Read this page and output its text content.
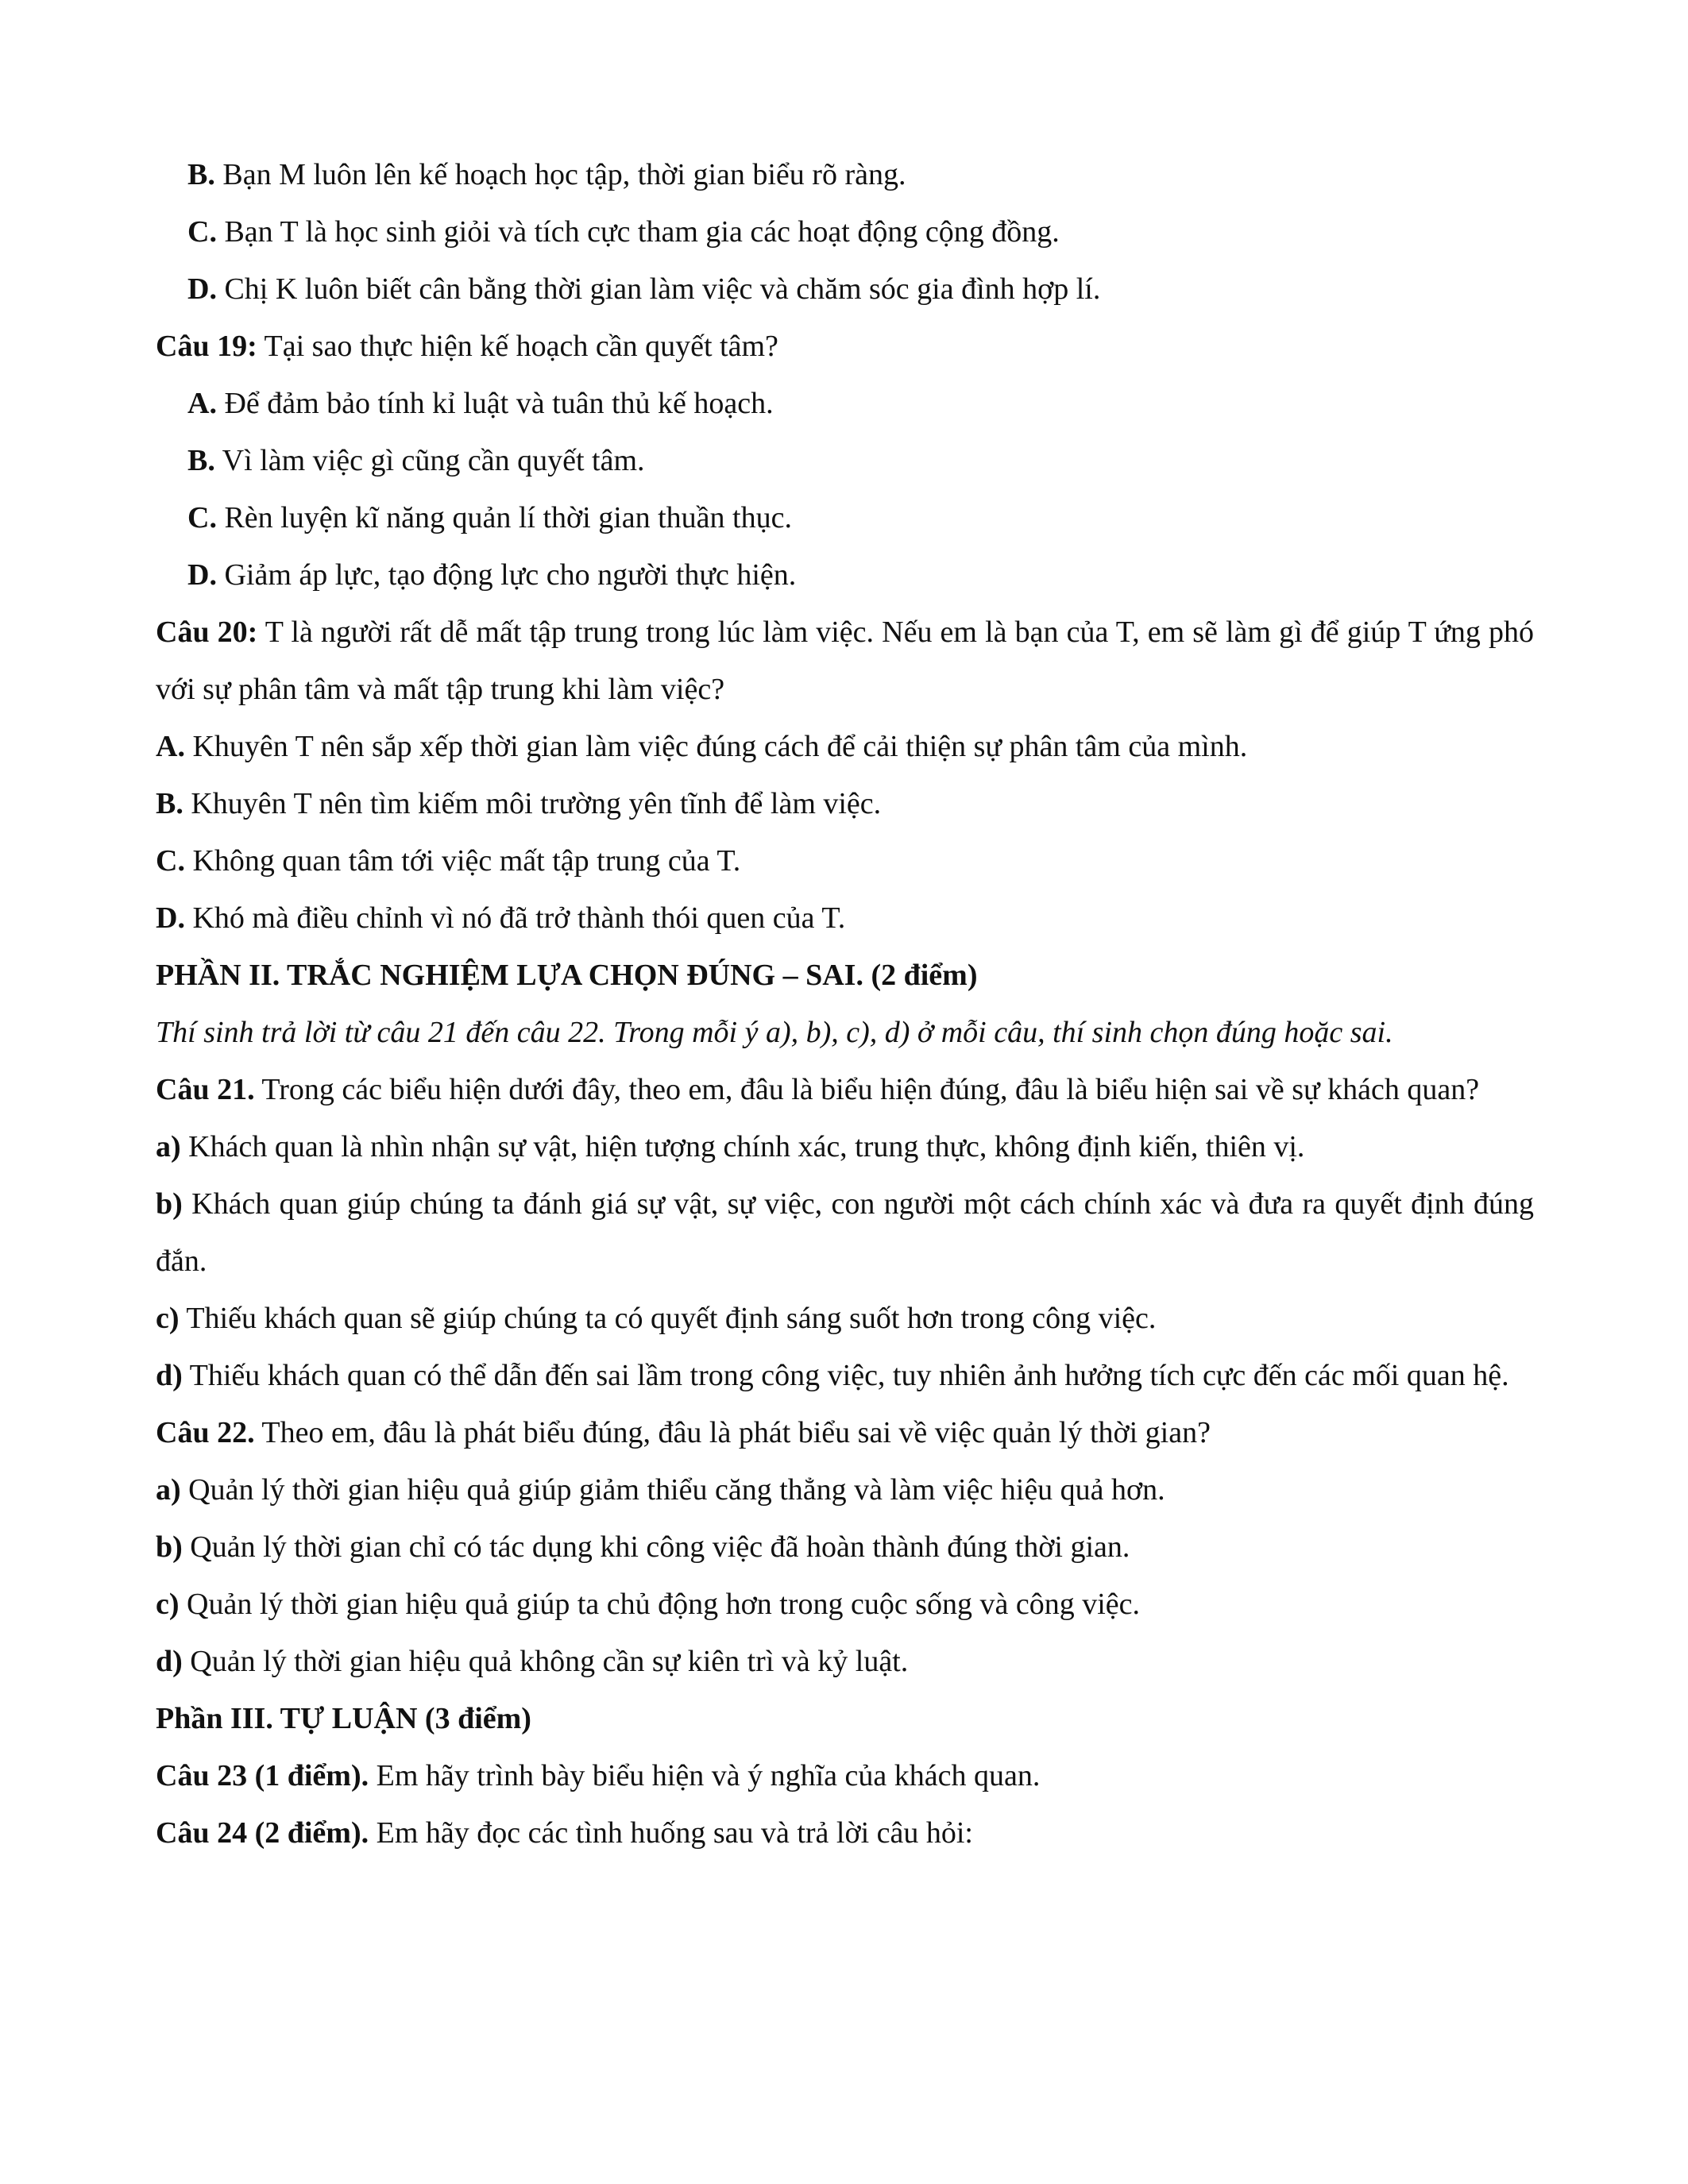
B. Bạn M luôn lên kế hoạch học tập, thời gian biểu rõ ràng.

C. Bạn T là học sinh giỏi và tích cực tham gia các hoạt động cộng đồng.

D. Chị K luôn biết cân bằng thời gian làm việc và chăm sóc gia đình hợp lí.

Câu 19: Tại sao thực hiện kế hoạch cần quyết tâm?

A. Để đảm bảo tính kỉ luật và tuân thủ kế hoạch.

B. Vì làm việc gì cũng cần quyết tâm.

C. Rèn luyện kĩ năng quản lí thời gian thuần thục.

D. Giảm áp lực, tạo động lực cho người thực hiện.

Câu 20: T là người rất dễ mất tập trung trong lúc làm việc. Nếu em là bạn của T, em sẽ làm gì để giúp T ứng phó với sự phân tâm và mất tập trung khi làm việc?

A. Khuyên T nên sắp xếp thời gian làm việc đúng cách để cải thiện sự phân tâm của mình.

B. Khuyên T nên tìm kiếm môi trường yên tĩnh để làm việc.

C. Không quan tâm tới việc mất tập trung của T.

D. Khó mà điều chỉnh vì nó đã trở thành thói quen của T.

PHẦN II. TRẮC NGHIỆM LỰA CHỌN ĐÚNG – SAI. (2 điểm)

Thí sinh trả lời từ câu 21 đến câu 22. Trong mỗi ý a), b), c), d) ở mỗi câu, thí sinh chọn đúng hoặc sai.

Câu 21. Trong các biểu hiện dưới đây, theo em, đâu là biểu hiện đúng, đâu là biểu hiện sai về sự khách quan?

a) Khách quan là nhìn nhận sự vật, hiện tượng chính xác, trung thực, không định kiến, thiên vị.

b) Khách quan giúp chúng ta đánh giá sự vật, sự việc, con người một cách chính xác và đưa ra quyết định đúng đắn.

c) Thiếu khách quan sẽ giúp chúng ta có quyết định sáng suốt hơn trong công việc.

d) Thiếu khách quan có thể dẫn đến sai lầm trong công việc, tuy nhiên ảnh hưởng tích cực đến các mối quan hệ.

Câu 22. Theo em, đâu là phát biểu đúng, đâu là phát biểu sai về việc quản lý thời gian?

a) Quản lý thời gian hiệu quả giúp giảm thiểu căng thẳng và làm việc hiệu quả hơn.

b) Quản lý thời gian chỉ có tác dụng khi công việc đã hoàn thành đúng thời gian.

c) Quản lý thời gian hiệu quả giúp ta chủ động hơn trong cuộc sống và công việc.

d) Quản lý thời gian hiệu quả không cần sự kiên trì và kỷ luật.

Phần III. TỰ LUẬN (3 điểm)

Câu 23 (1 điểm). Em hãy trình bày biểu hiện và ý nghĩa của khách quan.

Câu 24 (2 điểm). Em hãy đọc các tình huống sau và trả lời câu hỏi:
